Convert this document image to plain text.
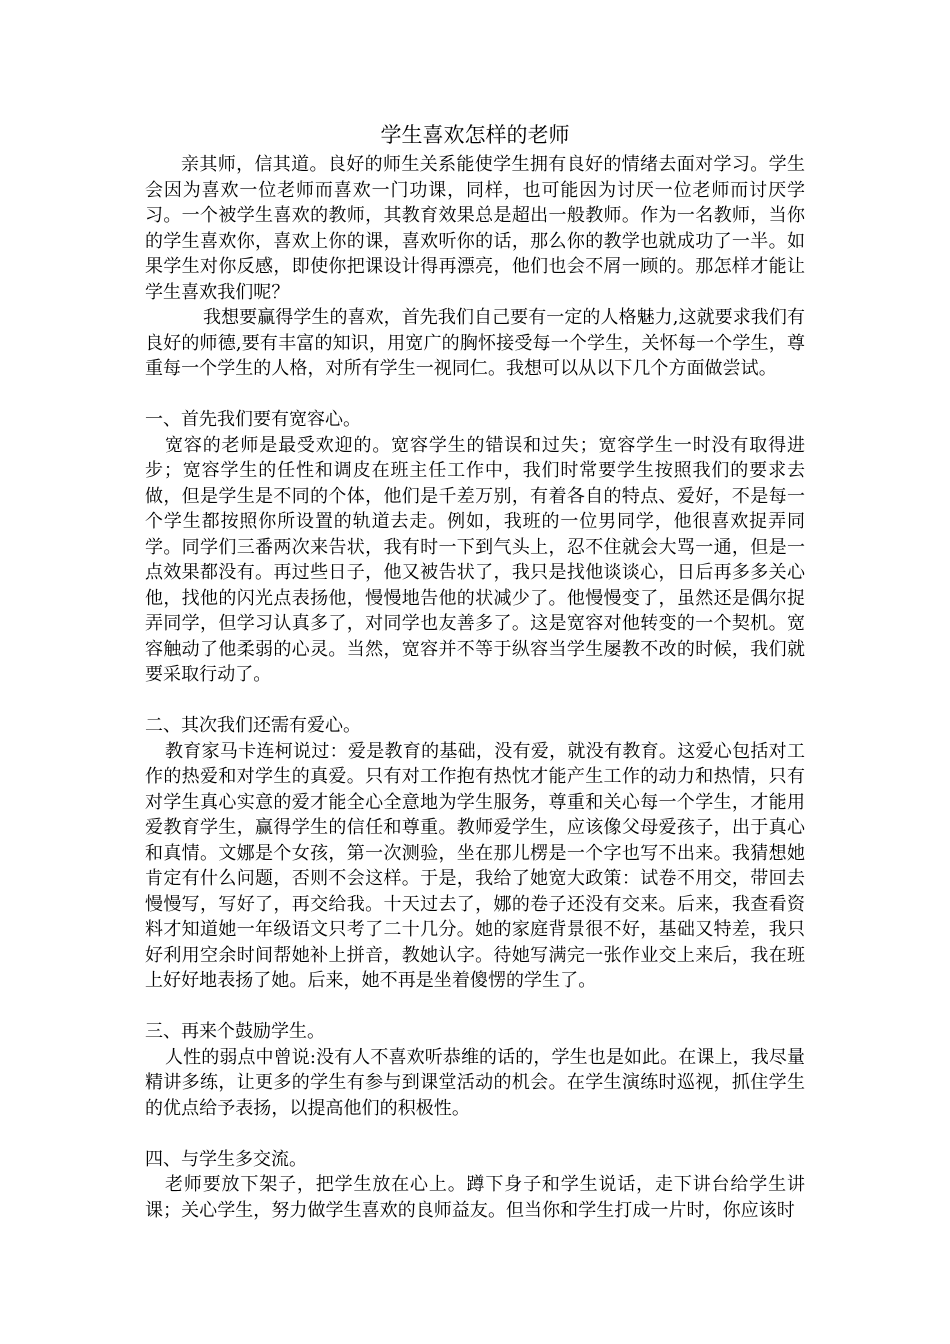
学生喜欢怎样的老师

亲其师，信其道。良好的师生关系能使学生拥有良好的情绪去面对学习。学生会因为喜欢一位老师而喜欢一门功课，同样，也可能因为讨厌一位老师而讨厌学习。一个被学生喜欢的教师，其教育效果总是超出一般教师。作为一名教师，当你的学生喜欢你，喜欢上你的课，喜欢听你的话，那么你的教学也就成功了一半。如果学生对你反感，即使你把课设计得再漂亮，他们也会不屑一顾的。那怎样才能让学生喜欢我们呢？

我想要赢得学生的喜欢，首先我们自己要有一定的人格魅力,这就要求我们有良好的师德,要有丰富的知识，用宽广的胸怀接受每一个学生，关怀每一个学生，尊重每一个学生的人格，对所有学生一视同仁。我想可以从以下几个方面做尝试。

一、首先我们要有宽容心。

宽容的老师是最受欢迎的。宽容学生的错误和过失；宽容学生一时没有取得进步；宽容学生的任性和调皮在班主任工作中，我们时常要学生按照我们的要求去做，但是学生是不同的个体，他们是千差万别，有着各自的特点、爱好，不是每一个学生都按照你所设置的轨道去走。例如，我班的一位男同学，他很喜欢捉弄同学。同学们三番两次来告状，我有时一下到气头上，忍不住就会大骂一通，但是一点效果都没有。再过些日子，他又被告状了，我只是找他谈谈心，日后再多多关心他，找他的闪光点表扬他，慢慢地告他的状减少了。他慢慢变了，虽然还是偶尔捉弄同学，但学习认真多了，对同学也友善多了。这是宽容对他转变的一个契机。宽容触动了他柔弱的心灵。当然，宽容并不等于纵容当学生屡教不改的时候，我们就要采取行动了。

二、其次我们还需有爱心。

教育家马卡连柯说过：爱是教育的基础，没有爱，就没有教育。这爱心包括对工作的热爱和对学生的真爱。只有对工作抱有热忱才能产生工作的动力和热情，只有对学生真心实意的爱才能全心全意地为学生服务，尊重和关心每一个学生，才能用爱教育学生，赢得学生的信任和尊重。教师爱学生，应该像父母爱孩子，出于真心和真情。文娜是个女孩，第一次测验，坐在那儿楞是一个字也写不出来。我猜想她肯定有什么问题，否则不会这样。于是，我给了她宽大政策：试卷不用交，带回去慢慢写，写好了，再交给我。十天过去了，娜的卷子还没有交来。后来，我查看资料才知道她一年级语文只考了二十几分。她的家庭背景很不好，基础又特差，我只好利用空余时间帮她补上拼音，教她认字。待她写满完一张作业交上来后，我在班上好好地表扬了她。后来，她不再是坐着傻愣的学生了。

三、再来个鼓励学生。

人性的弱点中曾说:没有人不喜欢听恭维的话的，学生也是如此。在课上，我尽量精讲多练，让更多的学生有参与到课堂活动的机会。在学生演练时巡视，抓住学生的优点给予表扬，以提高他们的积极性。

四、与学生多交流。

老师要放下架子，把学生放在心上。蹲下身子和学生说话，走下讲台给学生讲课；关心学生，努力做学生喜欢的良师益友。但当你和学生打成一片时，你应该时
